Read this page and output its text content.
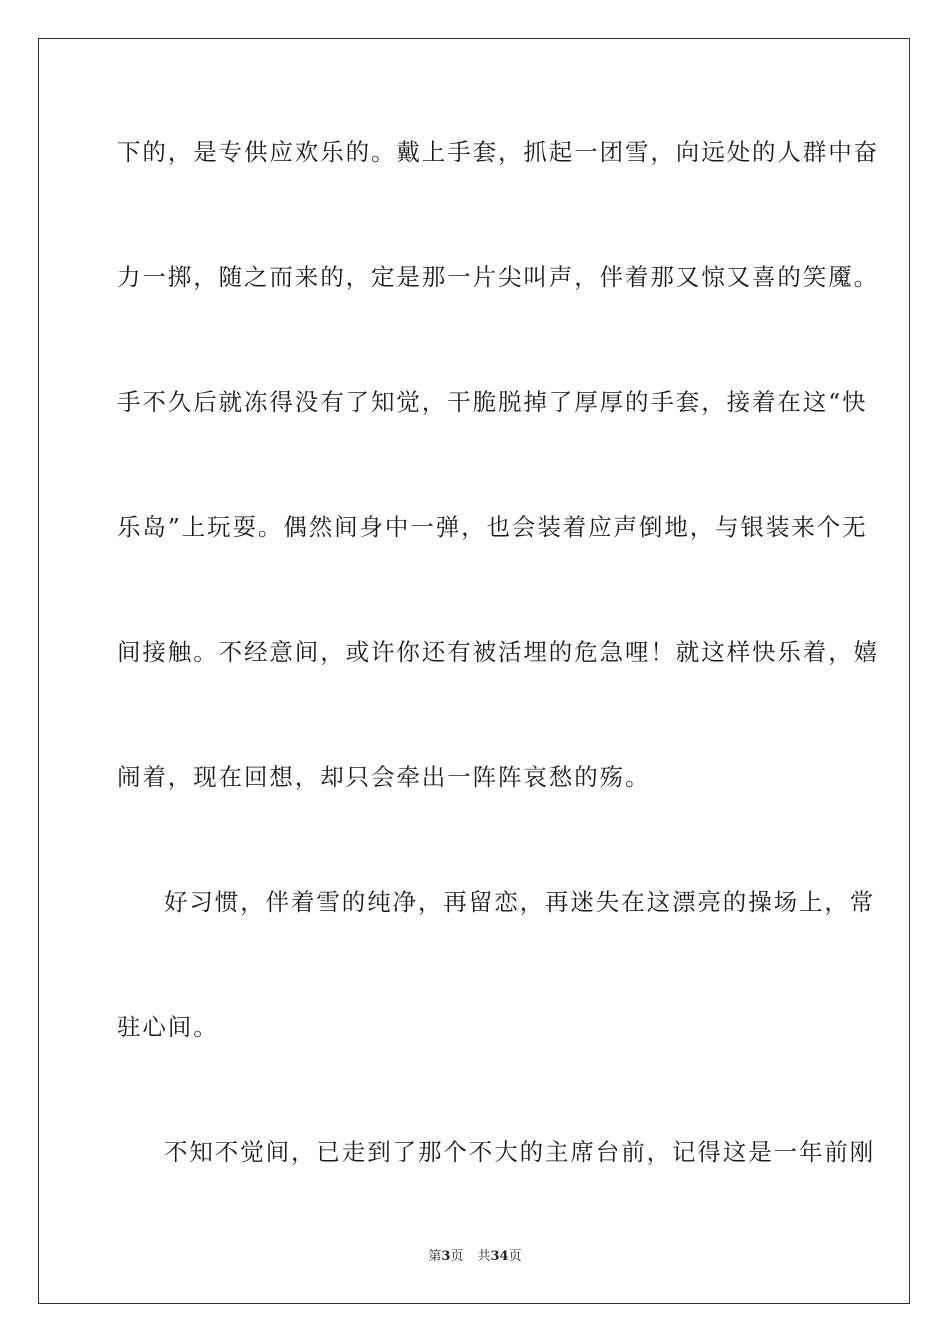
下的，是专供应欢乐的。戴上手套，抓起一团雪，向远处的人群中奋
力一掷，随之而来的，定是那一片尖叫声，伴着那又惊又喜的笑魇。
手不久后就冻得没有了知觉，干脆脱掉了厚厚的手套，接着在这“快
乐岛”上玩耍。偶然间身中一弹，也会装着应声倒地，与银装来个无
间接触。不经意间，或许你还有被活埋的危急哩！就这样快乐着，嬉
闹着，现在回想，却只会牵出一阵阵哀愁的殇。
好习惯，伴着雪的纯净，再留恋，再迷失在这漂亮的操场上，常
驻心间。
不知不觉间，已走到了那个不大的主席台前，记得这是一年前刚
第3页 共34页
